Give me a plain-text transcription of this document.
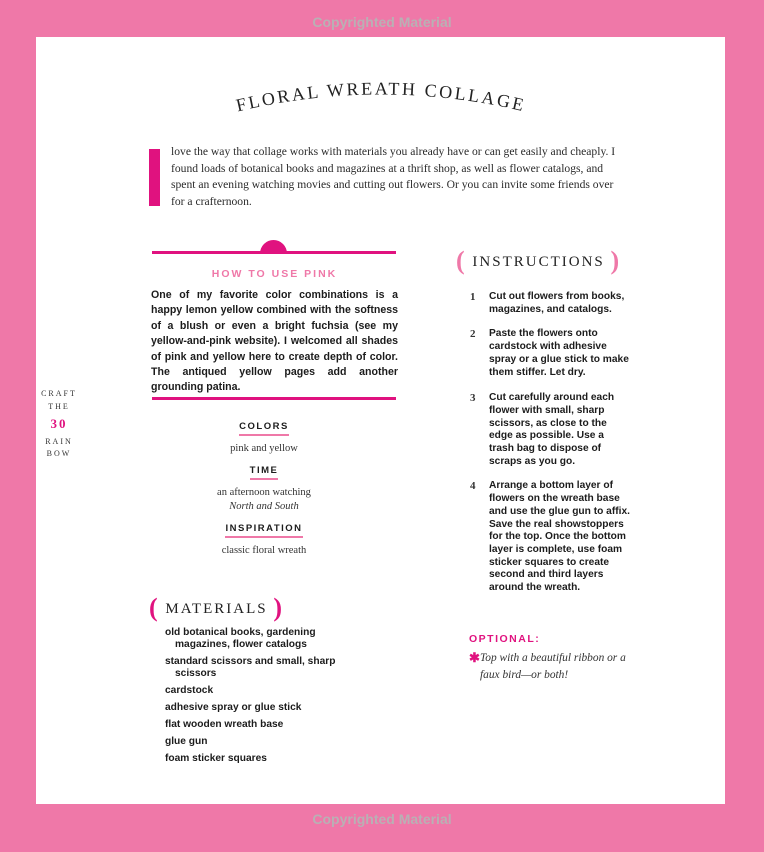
Copyrighted Material
FLORAL WREATH COLLAGE
love the way that collage works with materials you already have or can get easily and cheaply. I found loads of botanical books and magazines at a thrift shop, as well as flower catalogs, and spent an evening watching movies and cutting out flowers. Or you can invite some friends over for a crafternoon.
HOW TO USE PINK
One of my favorite color combinations is a happy lemon yellow combined with the softness of a blush or even a bright fuchsia (see my yellow-and-pink website). I welcomed all shades of pink and yellow here to create depth of color. The antiqued yellow pages add another grounding patina.
CRAFT
THE
30
RAIN
BOW
COLORS
pink and yellow
TIME
an afternoon watching
North and South
INSPIRATION
classic floral wreath
( MATERIALS )
old botanical books, gardening magazines, flower catalogs
standard scissors and small, sharp scissors
cardstock
adhesive spray or glue stick
flat wooden wreath base
glue gun
foam sticker squares
( INSTRUCTIONS )
1	Cut out flowers from books, magazines, and catalogs.
2	Paste the flowers onto cardstock with adhesive spray or a glue stick to make them stiffer. Let dry.
3	Cut carefully around each flower with small, sharp scissors, as close to the edge as possible. Use a trash bag to dispose of scraps as you go.
4	Arrange a bottom layer of flowers on the wreath base and use the glue gun to affix. Save the real showstoppers for the top. Once the bottom layer is complete, use foam sticker squares to create second and third layers around the wreath.
OPTIONAL:
✱ Top with a beautiful ribbon or a faux bird—or both!
Copyrighted Material
